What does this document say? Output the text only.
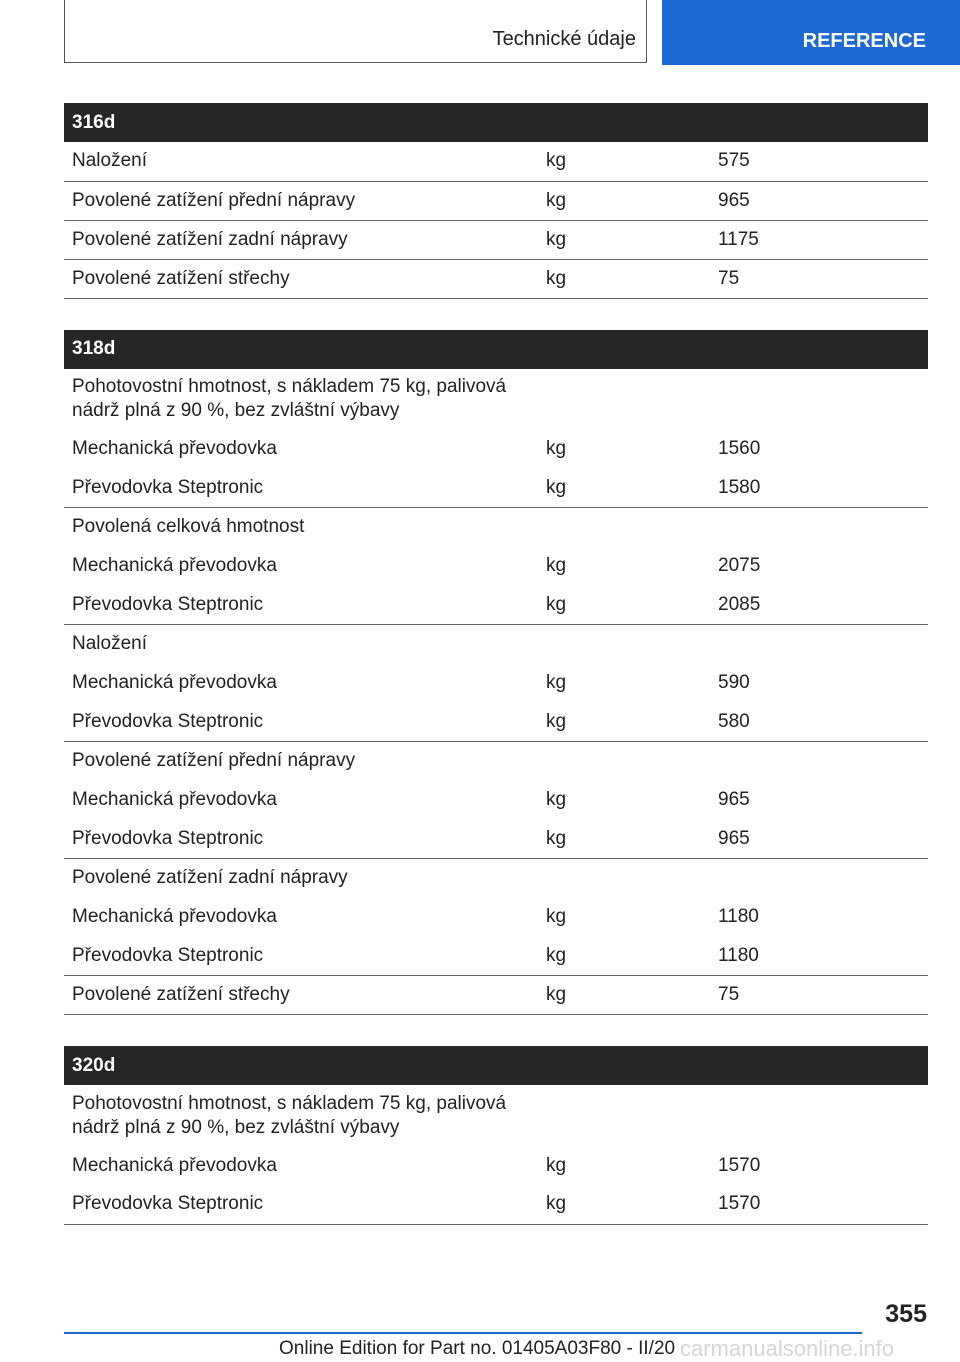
Technické údaje	REFERENCE
316d		
Naložení	kg	575
Povolené zatížení přední nápravy	kg	965
Povolené zatížení zadní nápravy	kg	1175
Povolené zatížení střechy	kg	75
318d		
Pohotovostní hmotnost, s nákladem 75 kg, palivová nádrž plná z 90 %, bez zvláštní výbavy		
Mechanická převodovka	kg	1560
Převodovka Steptronic	kg	1580
Povolená celková hmotnost		
Mechanická převodovka	kg	2075
Převodovka Steptronic	kg	2085
Naložení		
Mechanická převodovka	kg	590
Převodovka Steptronic	kg	580
Povolené zatížení přední nápravy		
Mechanická převodovka	kg	965
Převodovka Steptronic	kg	965
Povolené zatížení zadní nápravy		
Mechanická převodovka	kg	1180
Převodovka Steptronic	kg	1180
Povolené zatížení střechy	kg	75
320d		
Pohotovostní hmotnost, s nákladem 75 kg, palivová nádrž plná z 90 %, bez zvláštní výbavy		
Mechanická převodovka	kg	1570
Převodovka Steptronic	kg	1570
355
Online Edition for Part no. 01405A03F80 - II/20 carmanualsonline.info
